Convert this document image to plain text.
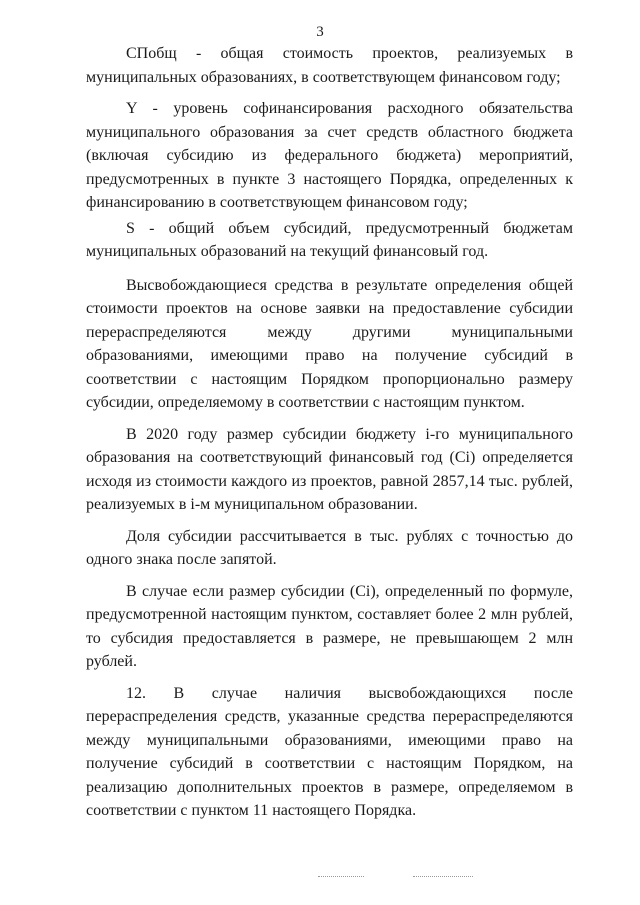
3

СПобщ - общая стоимость проектов, реализуемых в муниципальных образованиях, в соответствующем финансовом году;

Y - уровень софинансирования расходного обязательства муниципального образования за счет средств областного бюджета (включая субсидию из федерального бюджета) мероприятий, предусмотренных в пункте 3 настоящего Порядка, определенных к финансированию в соответствующем финансовом году;

S - общий объем субсидий, предусмотренный бюджетам муниципальных образований на текущий финансовый год.

Высвобождающиеся средства в результате определения общей стоимости проектов на основе заявки на предоставление субсидии перераспределяются между другими муниципальными образованиями, имеющими право на получение субсидий в соответствии с настоящим Порядком пропорционально размеру субсидии, определяемому в соответствии с настоящим пунктом.

В 2020 году размер субсидии бюджету i-го муниципального образования на соответствующий финансовый год (Ci) определяется исходя из стоимости каждого из проектов, равной 2857,14 тыс. рублей, реализуемых в i-м муниципальном образовании.

Доля субсидии рассчитывается в тыс. рублях с точностью до одного знака после запятой.

В случае если размер субсидии (Ci), определенный по формуле, предусмотренной настоящим пунктом, составляет более 2 млн рублей, то субсидия предоставляется в размере, не превышающем 2 млн рублей.

12. В случае наличия высвобождающихся после перераспределения средств, указанные средства перераспределяются между муниципальными образованиями, имеющими право на получение субсидий в соответствии с настоящим Порядком, на реализацию дополнительных проектов в размере, определяемом в соответствии с пунктом 11 настоящего Порядка.
